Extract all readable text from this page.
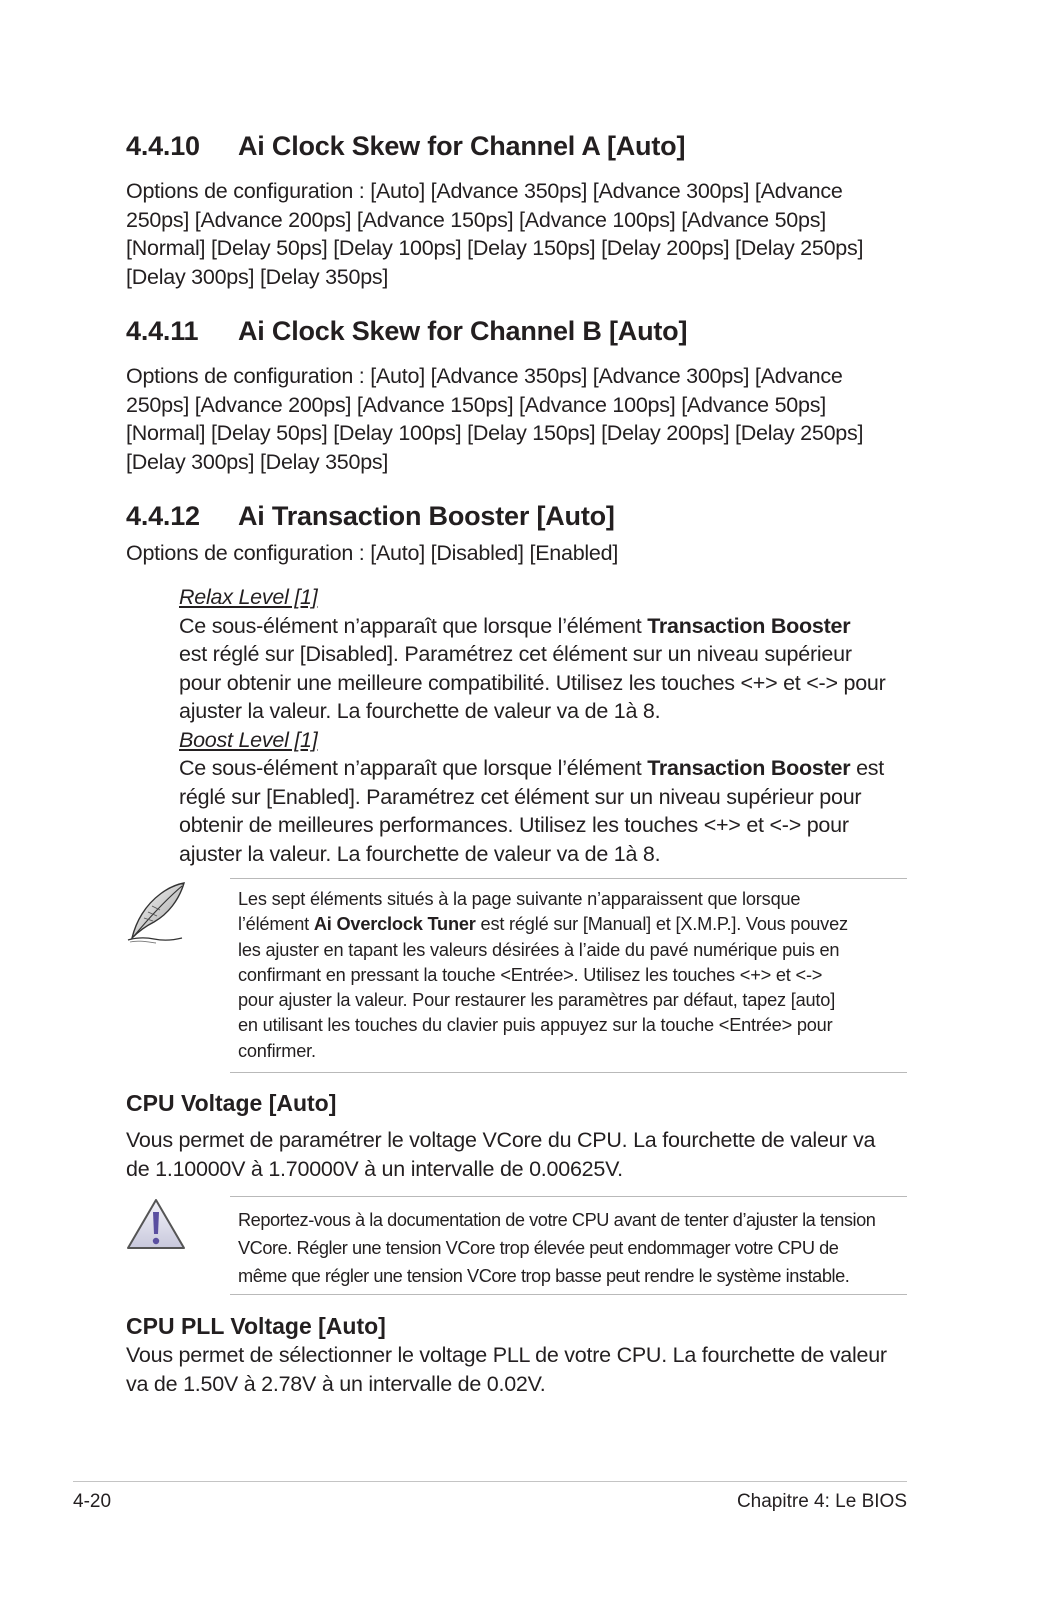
4.4.10 Ai Clock Skew for Channel A [Auto]

Options de configuration : [Auto] [Advance 350ps] [Advance 300ps] [Advance
250ps] [Advance 200ps] [Advance 150ps] [Advance 100ps] [Advance 50ps]
[Normal] [Delay 50ps] [Delay 100ps] [Delay 150ps] [Delay 200ps] [Delay 250ps]
[Delay 300ps] [Delay 350ps]

4.4.11 Ai Clock Skew for Channel B [Auto]

Options de configuration : [Auto] [Advance 350ps] [Advance 300ps] [Advance
250ps] [Advance 200ps] [Advance 150ps] [Advance 100ps] [Advance 50ps]
[Normal] [Delay 50ps] [Delay 100ps] [Delay 150ps] [Delay 200ps] [Delay 250ps]
[Delay 300ps] [Delay 350ps]

4.4.12 Ai Transaction Booster [Auto]

Options de configuration : [Auto] [Disabled] [Enabled]

Relax Level [1]
Ce sous-élément n’apparaît que lorsque l’élément Transaction Booster
est réglé sur [Disabled]. Paramétrez cet élément sur un niveau supérieur
pour obtenir une meilleure compatibilité. Utilisez les touches <+> et <-> pour
ajuster la valeur. La fourchette de valeur va de 1à 8.
Boost Level [1]
Ce sous-élément n’apparaît que lorsque l’élément Transaction Booster est
réglé sur [Enabled]. Paramétrez cet élément sur un niveau supérieur pour
obtenir de meilleures performances. Utilisez les touches <+> et <-> pour
ajuster la valeur. La fourchette de valeur va de 1à 8.
Les sept éléments situés à la page suivante n’apparaissent que lorsque
l’élément Ai Overclock Tuner est réglé sur [Manual] et [X.M.P.]. Vous pouvez
les ajuster en tapant les valeurs désirées à l’aide du pavé numérique puis en
confirmant en pressant la touche <Entrée>. Utilisez les touches <+> et <->
pour ajuster la valeur. Pour restaurer les paramètres par défaut, tapez [auto]
en utilisant les touches du clavier puis appuyez sur la touche <Entrée> pour
confirmer.
CPU Voltage [Auto]

Vous permet de paramétrer le voltage VCore du CPU. La fourchette de valeur va
de 1.10000V à 1.70000V à un intervalle de 0.00625V.

Reportez-vous à la documentation de votre CPU avant de tenter d’ajuster la tension
VCore. Régler une tension VCore trop élevée peut endommager votre CPU de
même que régler une tension VCore trop basse peut rendre le système instable.
CPU PLL Voltage [Auto]

Vous permet de sélectionner le voltage PLL de votre CPU. La fourchette de valeur
va de 1.50V à 2.78V à un intervalle de 0.02V.

4-20	Chapitre 4: Le BIOS
